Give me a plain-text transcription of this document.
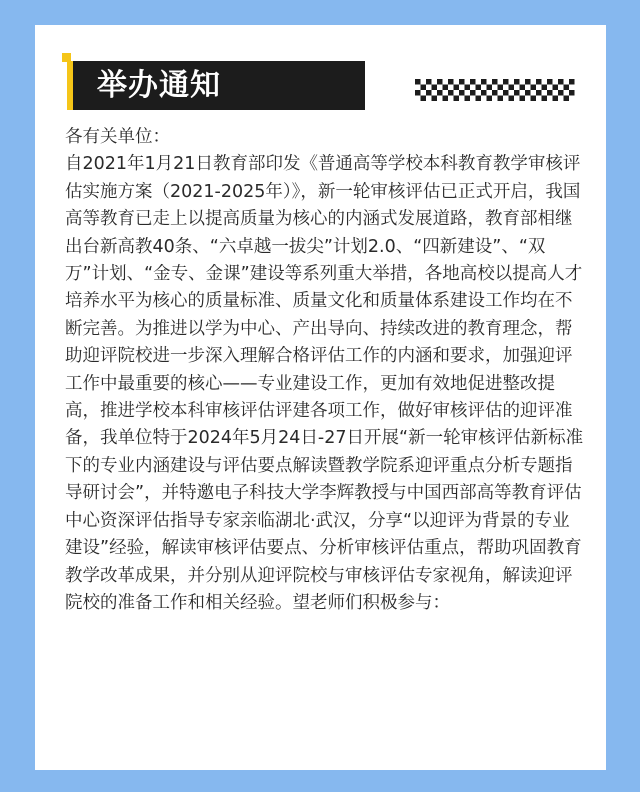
举办通知

各有关单位：

自2021年1月21日教育部印发《普通高等学校本科教育教学审核评估实施方案（2021-2025年）》，新一轮审核评估已正式开启，我国高等教育已走上以提高质量为核心的内涵式发展道路，教育部相继出台新高教40条、“六卓越一拔尖”计划2.0、“四新建设”、“双万”计划、“金专、金课”建设等系列重大举措，各地高校以提高人才培养水平为核心的质量标准、质量文化和质量体系建设工作均在不断完善。为推进以学为中心、产出导向、持续改进的教育理念，帮助迎评院校进一步深入理解合格评估工作的内涵和要求，加强迎评工作中最重要的核心——专业建设工作，更加有效地促进整改提高，推进学校本科审核评估评建各项工作，做好审核评估的迎评准备，我单位特于2024年5月24日-27日开展“新一轮审核评估新标准下的专业内涵建设与评估要点解读暨教学院系迎评重点分析专题指导研讨会”，并特邀电子科技大学李辉教授与中国西部高等教育评估中心资深评估指导专家亲临湖北·武汉，分享“以迎评为背景的专业建设”经验，解读审核评估要点、分析审核评估重点，帮助巩固教育教学改革成果，并分别从迎评院校与审核评估专家视角，解读迎评院校的准备工作和相关经验。望老师们积极参与：
